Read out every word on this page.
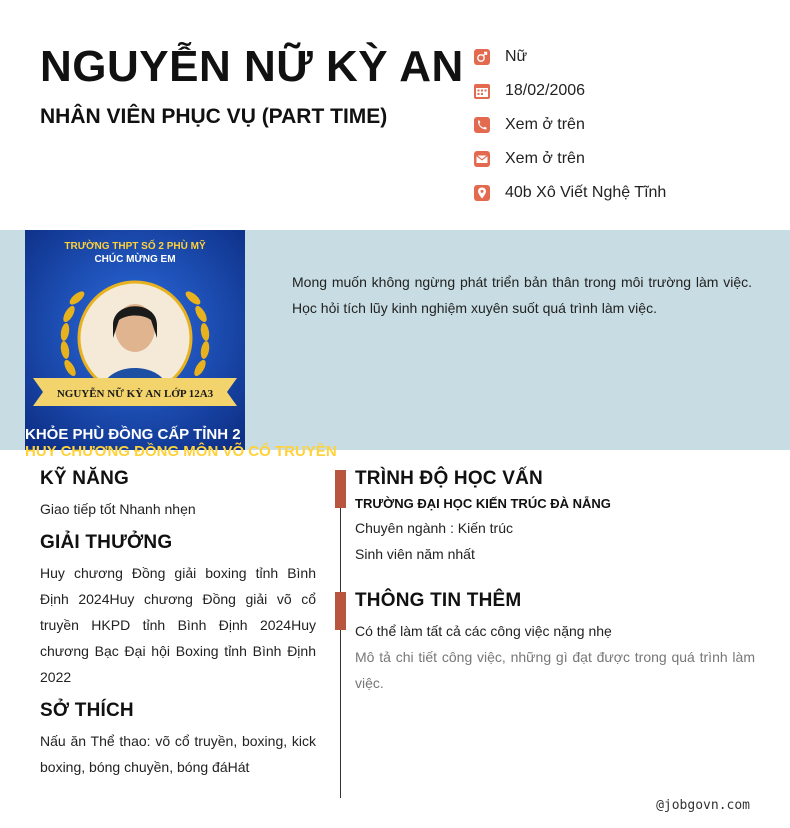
NGUYỄN NỮ KỲ AN
NHÂN VIÊN PHỤC VỤ (PART TIME)
Nữ
18/02/2006
Xem ở trên
Xem ở trên
40b Xô Viết Nghệ Tĩnh
TRƯỜNG THPT SỐ 2 PHÙ MỸ
CHÚC MỪNG EM
NGUYỄN NỮ KỲ AN LỚP 12A3
KHỎE PHÙ ĐỒNG CẤP TỈNH 2
HUY CHƯƠNG ĐỒNG MÔN VÕ CỔ TRUYỀN
Mong muốn không ngừng phát triển bản thân trong môi trường làm việc. Học hỏi tích lũy kinh nghiệm xuyên suốt quá trình làm việc.
KỸ NĂNG
Giao tiếp tốt Nhanh nhẹn
GIẢI THƯỞNG
Huy chương Đồng giải boxing tỉnh Bình Định 2024Huy chương Đồng giải võ cổ truyền HKPD tỉnh Bình Định 2024Huy chương Bạc Đại hội Boxing tỉnh Bình Định 2022
SỞ THÍCH
Nấu ăn Thể thao: võ cổ truyền, boxing, kick boxing, bóng chuyền, bóng đáHát
TRÌNH ĐỘ HỌC VẤN
TRƯỜNG ĐẠI HỌC KIẾN TRÚC ĐÀ NẴNG
Chuyên ngành : Kiến trúc
Sinh viên năm nhất
THÔNG TIN THÊM
Có thể làm tất cả các công việc nặng nhẹ
Mô tả chi tiết công việc, những gì đạt được trong quá trình làm việc.
@jobgovn.com
